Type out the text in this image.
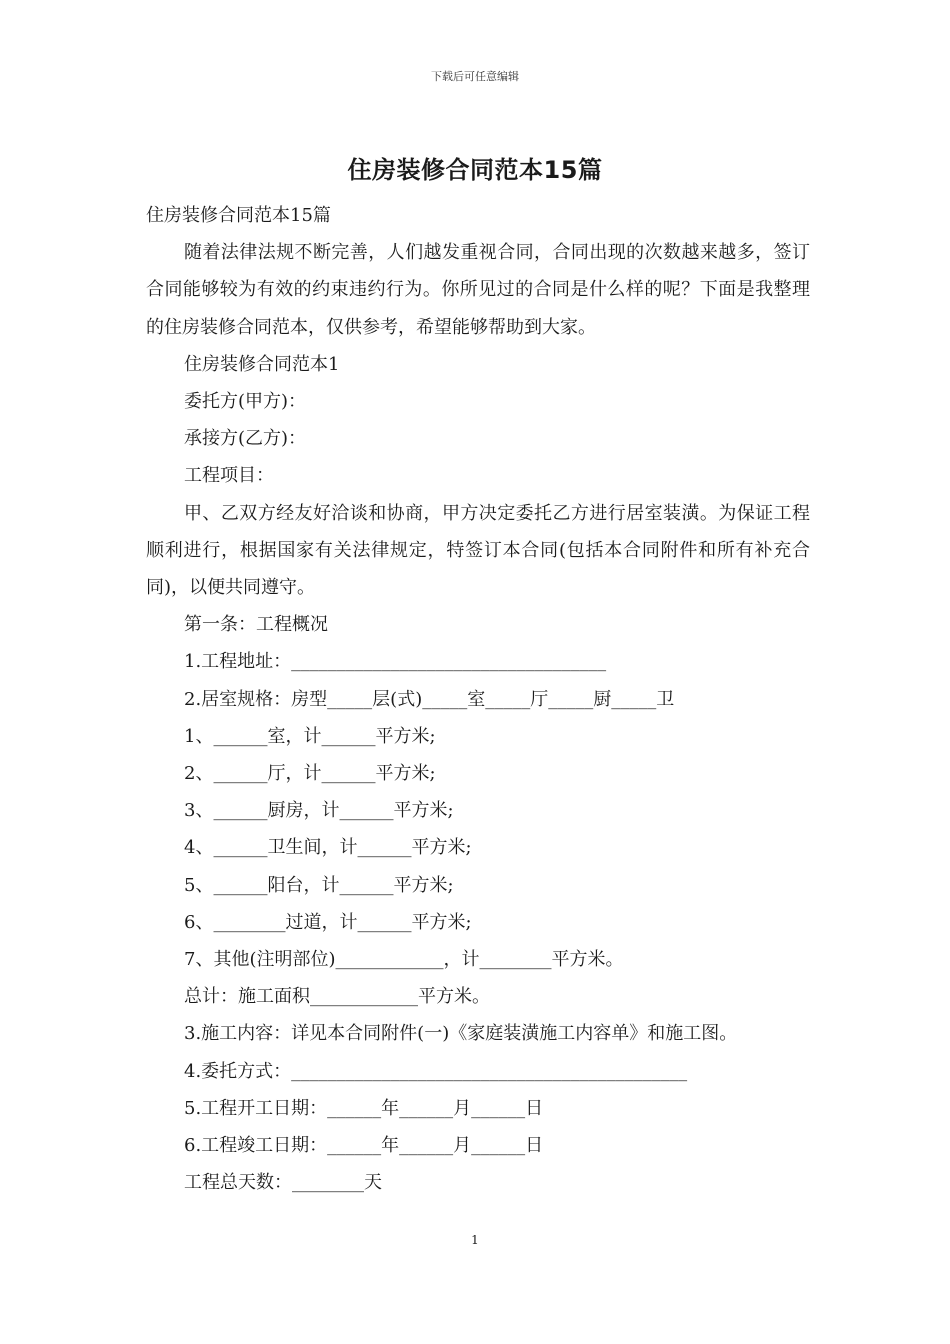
下载后可任意编辑
住房装修合同范本15篇

住房装修合同范本15篇

随着法律法规不断完善，人们越发重视合同，合同出现的次数越来越多，签订合同能够较为有效的约束违约行为。你所见过的合同是什么样的呢？下面是我整理的住房装修合同范本，仅供参考，希望能够帮助到大家。

住房装修合同范本1

委托方(甲方)：

承接方(乙方)：

工程项目：

甲、乙双方经友好洽谈和协商，甲方决定委托乙方进行居室装潢。为保证工程顺利进行，根据国家有关法律规定，特签订本合同(包括本合同附件和所有补充合同)，以便共同遵守。

第一条：工程概况

1.工程地址：___________________________________

2.居室规格：房型_____层(式)_____室_____厅_____厨_____卫

1、______室，计______平方米;

2、______厅，计______平方米;

3、______厨房，计______平方米;

4、______卫生间，计______平方米;

5、______阳台，计______平方米;

6、________过道，计______平方米;

7、其他(注明部位)____________，计________平方米。

总计：施工面积____________平方米。

3.施工内容：详见本合同附件(一)《家庭装潢施工内容单》和施工图。

4.委托方式：____________________________________________

5.工程开工日期：______年______月______日

6.工程竣工日期：______年______月______日

工程总天数：________天

1
